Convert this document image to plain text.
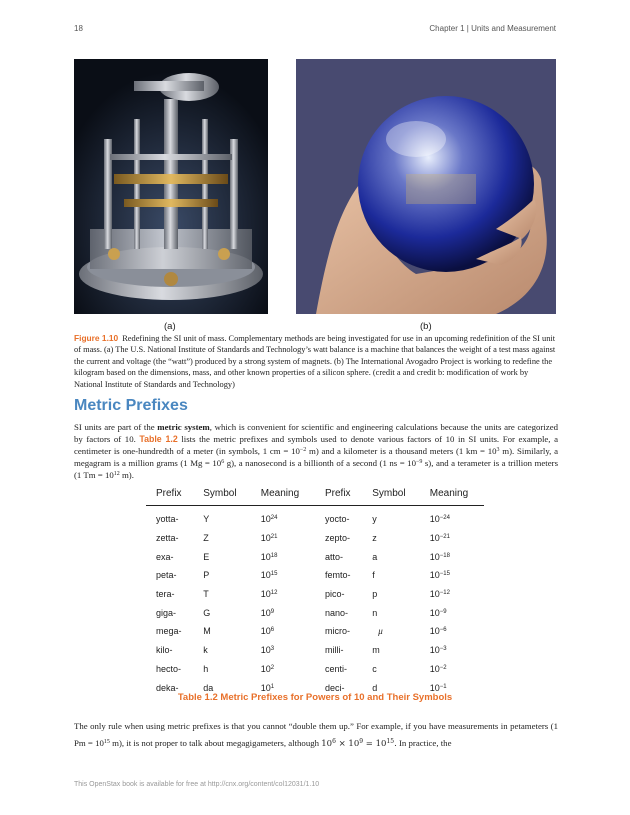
18	Chapter 1 | Units and Measurement
(a)	(b)
Figure 1.10 Redefining the SI unit of mass. Complementary methods are being investigated for use in an upcoming redefinition of the SI unit of mass. (a) The U.S. National Institute of Standards and Technology’s watt balance is a machine that balances the weight of a test mass against the current and voltage (the “watt”) produced by a strong system of magnets. (b) The International Avogadro Project is working to redefine the kilogram based on the dimensions, mass, and other known properties of a silicon sphere. (credit a and credit b: modification of work by National Institute of Standards and Technology)
Metric Prefixes
SI units are part of the metric system, which is convenient for scientific and engineering calculations because the units are categorized by factors of 10. Table 1.2 lists the metric prefixes and symbols used to denote various factors of 10 in SI units. For example, a centimeter is one-hundredth of a meter (in symbols, 1 cm = $10^{-2}$ m) and a kilometer is a thousand meters (1 km = $10^3$ m). Similarly, a megagram is a million grams (1 $Mg = 10^6$ g), a nanosecond is a billionth of a second (1 ns = $10^{-9}$ s), and a terameter is a trillion meters (1 $Tm = 10^{12}$ m).
Prefix	Symbol	Meaning	Prefix	Symbol	Meaning
yotta-	Y	$10^{24}$	yocto-	y	$10^{-24}$
zetta-	Z	$10^{21}$	zepto-	z	$10^{-21}$
exa-	E	$10^{18}$	atto-	a	$10^{-18}$
peta-	P	$10^{15}$	femto-	f	$10^{-15}$
tera-	T	$10^{12}$	pico-	p	$10^{-12}$
giga-	G	$10^9$	nano-	n	$10^{-9}$
mega-	M	$10^6$	micro-	μ	$10^{-6}$
kilo-	k	$10^3$	milli-	m	$10^{-3}$
hecto-	h	$10^2$	centi-	c	$10^{-2}$
deka-	da	$10^1$	deci-	d	$10^{-1}$
Table 1.2 Metric Prefixes for Powers of 10 and Their Symbols
The only rule when using metric prefixes is that you cannot “double them up.” For example, if you have measurements in petameters (1 $Pm = 10^{15}$ m), it is not proper to talk about megagigameters, although $10^6 \times 10^9 = 10^{15}$. In practice, the
This OpenStax book is available for free at http://cnx.org/content/col12031/1.10
